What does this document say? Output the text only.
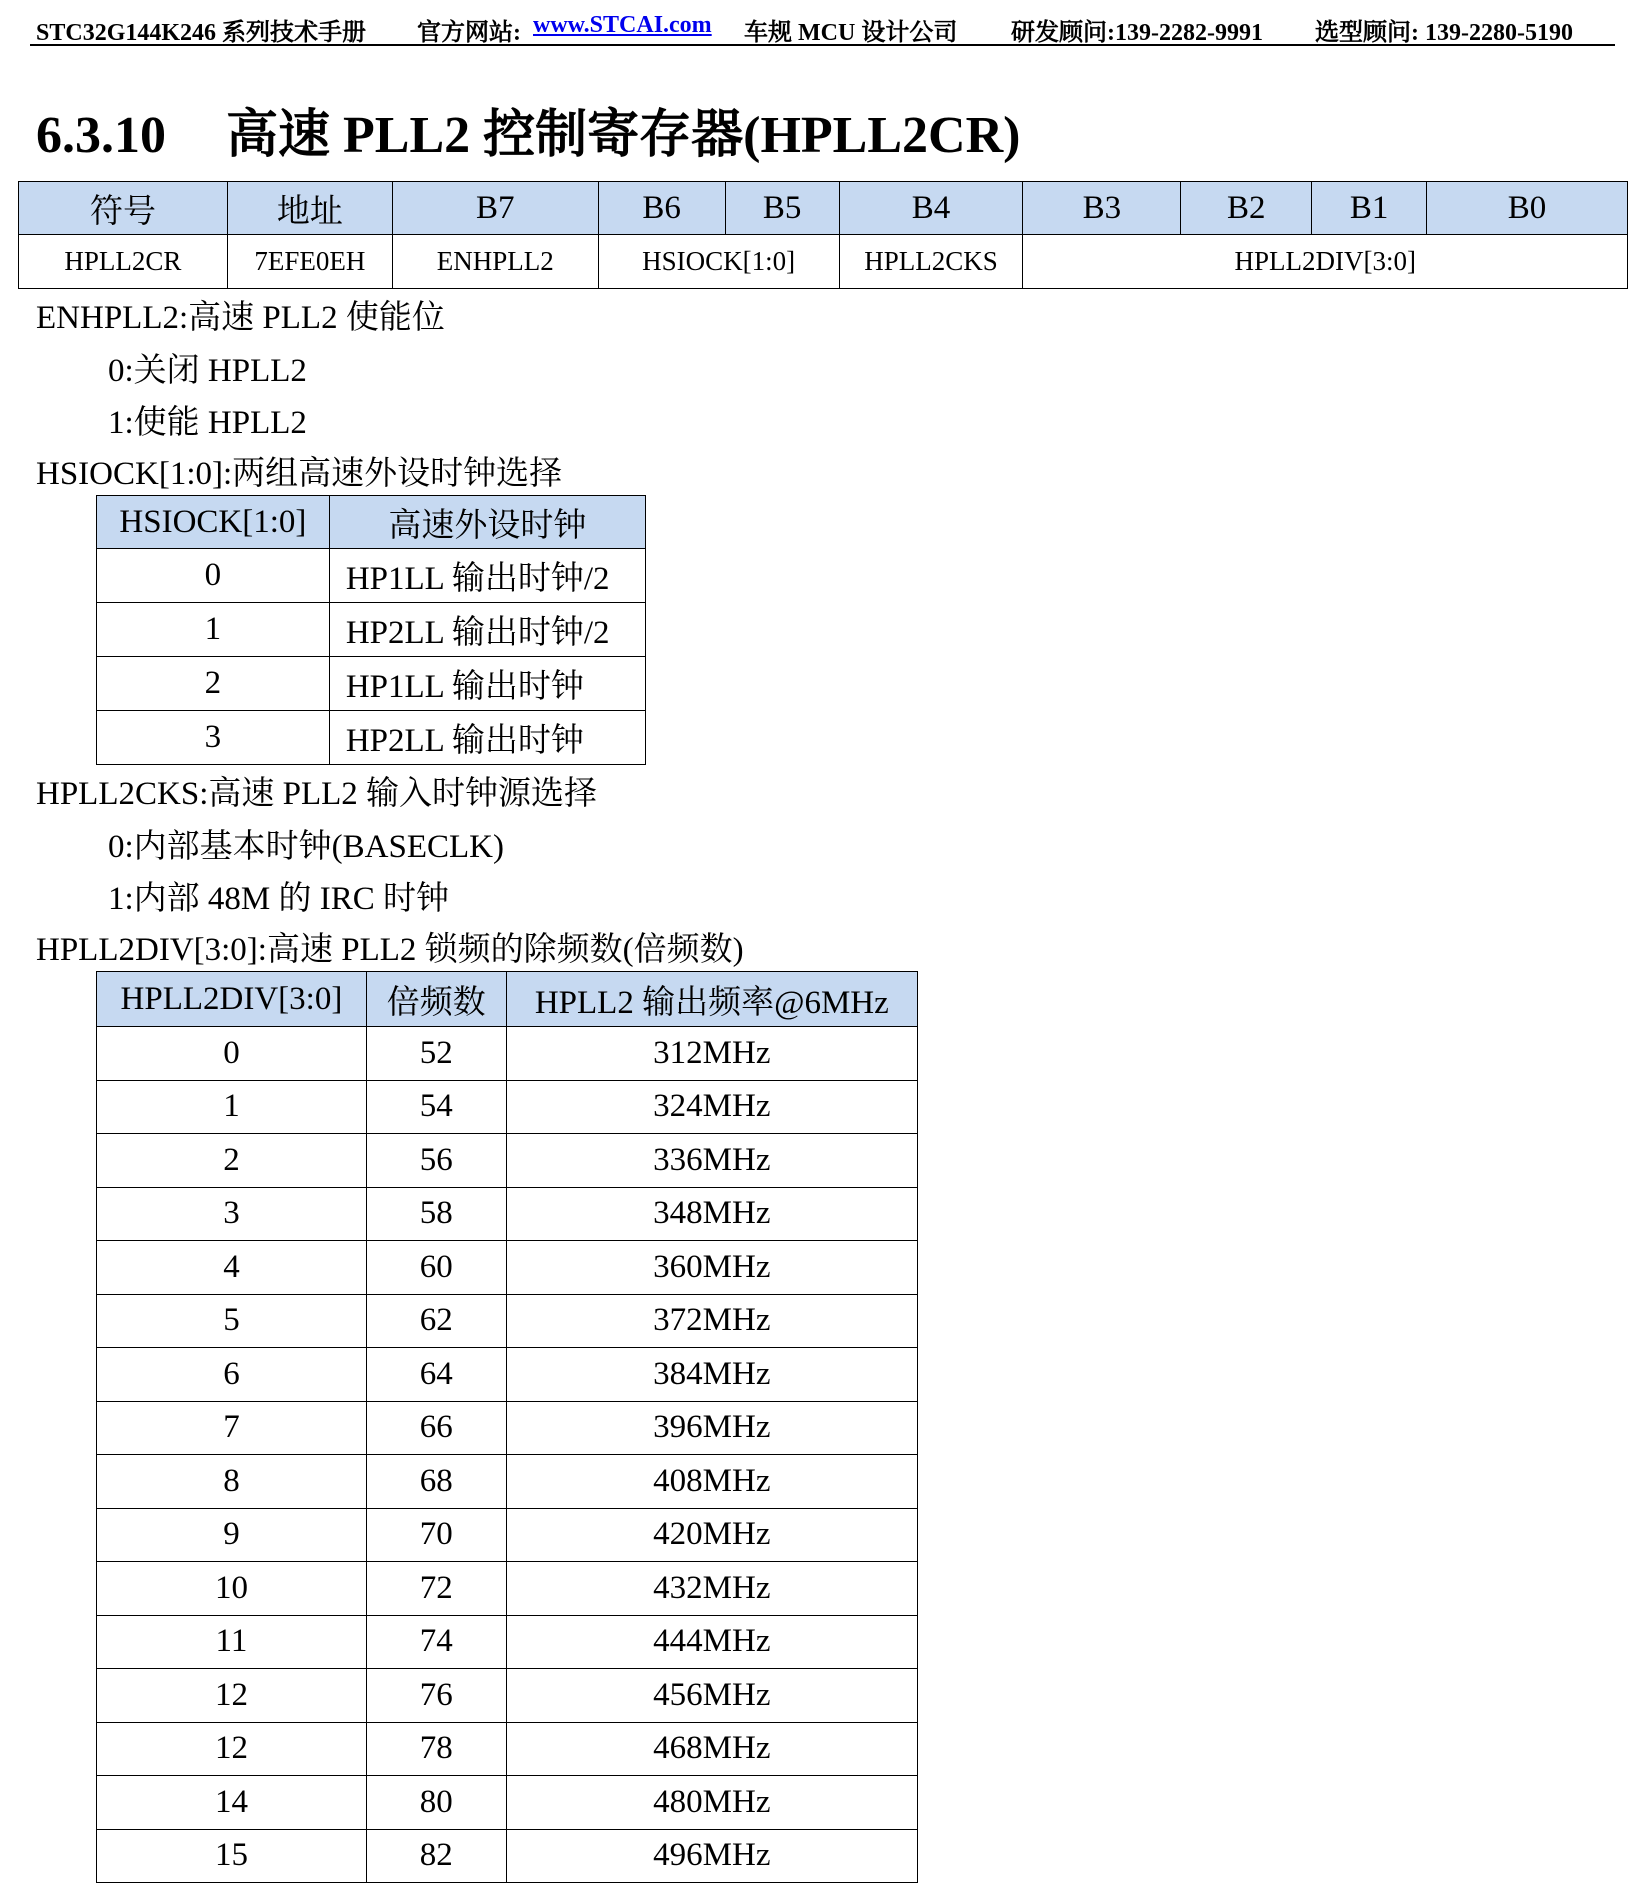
STC32G144K246 系列技术手册 官方网站: www.STCAI.com 车规 MCU 设计公司 研发顾问:139-2282-9991 选型顾问: 139-2280-5190
6.3.10 高速 PLL2 控制寄存器(HPLL2CR)
符号	地址	B7	B6	B5	B4	B3	B2	B1	B0
HPLL2CR	7EFE0EH	ENHPLL2	HSIOCK[1:0]		HPLL2CKS	HPLL2DIV[3:0]			
ENHPLL2:高速 PLL2 使能位
0:关闭 HPLL2
1:使能 HPLL2
HSIOCK[1:0]:两组高速外设时钟选择
HSIOCK[1:0]	高速外设时钟
0	HP1LL 输出时钟/2
1	HP2LL 输出时钟/2
2	HP1LL 输出时钟
3	HP2LL 输出时钟
HPLL2CKS:高速 PLL2 输入时钟源选择
0:内部基本时钟(BASECLK)
1:内部 48M 的 IRC 时钟
HPLL2DIV[3:0]:高速 PLL2 锁频的除频数(倍频数)
HPLL2DIV[3:0]	倍频数	HPLL2 输出频率@6MHz
0	52	312MHz
1	54	324MHz
2	56	336MHz
3	58	348MHz
4	60	360MHz
5	62	372MHz
6	64	384MHz
7	66	396MHz
8	68	408MHz
9	70	420MHz
10	72	432MHz
11	74	444MHz
12	76	456MHz
12	78	468MHz
14	80	480MHz
15	82	496MHz
